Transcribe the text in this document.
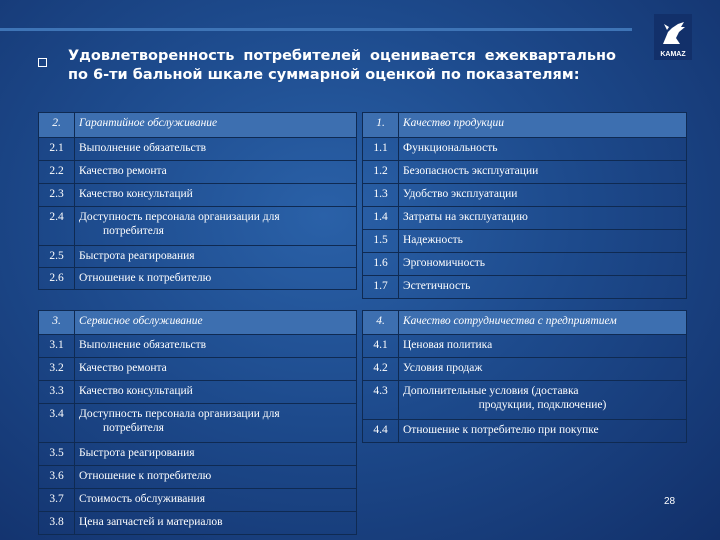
Удовлетворенность потребителей оценивается ежеквартально по 6-ти бальной шкале суммарной оценкой по показателям:
KAMAZ
2.	Гарантийное обслуживание
2.1	Выполнение обязательств
2.2	Качество ремонта
2.3	Качество консультаций
2.4	Доступность персонала организации для
потребителя

2.5	Быстрота реагирования
2.6	Отношение к потребителю
1.	Качество продукции
1.1	Функциональность
1.2	Безопасность эксплуатации
1.3	Удобство эксплуатации
1.4	Затраты на эксплуатацию
1.5	Надежность
1.6	Эргономичность
1.7	Эстетичность
3.	Сервисное обслуживание
3.1	Выполнение обязательств
3.2	Качество ремонта
3.3	Качество консультаций
3.4	Доступность персонала организации для
потребителя

3.5	Быстрота реагирования
3.6	Отношение к потребителю
3.7	Стоимость обслуживания
3.8	Цена запчастей и материалов
4.	Качество сотрудничества с предприятием
4.1	Ценовая политика
4.2	Условия продаж
4.3	Дополнительные условия (доставка
продукции, подключение)

4.4	Отношение к потребителю при покупке
28
